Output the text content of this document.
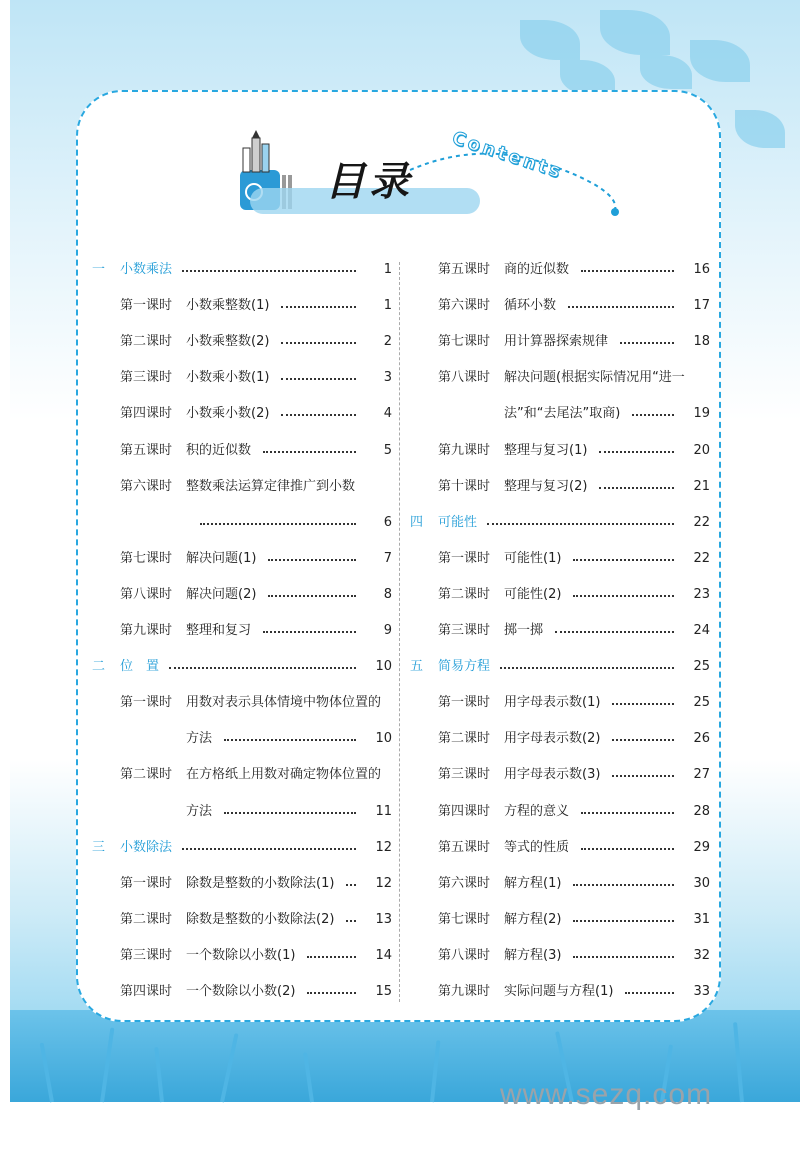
目录 Contents
一 小数乘法	1
第一课时 小数乘整数(1)	1
第二课时 小数乘整数(2)	2
第三课时 小数乘小数(1)	3
第四课时 小数乘小数(2)	4
第五课时 积的近似数	5
第六课时 整数乘法运算定律推广到小数
6
第七课时 解决问题(1)	7
第八课时 解决问题(2)	8
第九课时 整理和复习	9
二 位　置	10
第一课时 用数对表示具体情境中物体位置的
方法	10
第二课时 在方格纸上用数对确定物体位置的
方法	11
三 小数除法	12
第一课时 除数是整数的小数除法(1)	12
第二课时 除数是整数的小数除法(2)	13
第三课时 一个数除以小数(1)	14
第四课时 一个数除以小数(2)	15
第五课时 商的近似数	16
第六课时 循环小数	17
第七课时 用计算器探索规律	18
第八课时 解决问题(根据实际情况用“进一
法”和“去尾法”取商)	19
第九课时 整理与复习(1)	20
第十课时 整理与复习(2)	21
四 可能性	22
第一课时 可能性(1)	22
第二课时 可能性(2)	23
第三课时 掷一掷	24
五 简易方程	25
第一课时 用字母表示数(1)	25
第二课时 用字母表示数(2)	26
第三课时 用字母表示数(3)	27
第四课时 方程的意义	28
第五课时 等式的性质	29
第六课时 解方程(1)	30
第七课时 解方程(2)	31
第八课时 解方程(3)	32
第九课时 实际问题与方程(1)	33
www.sezq.com
